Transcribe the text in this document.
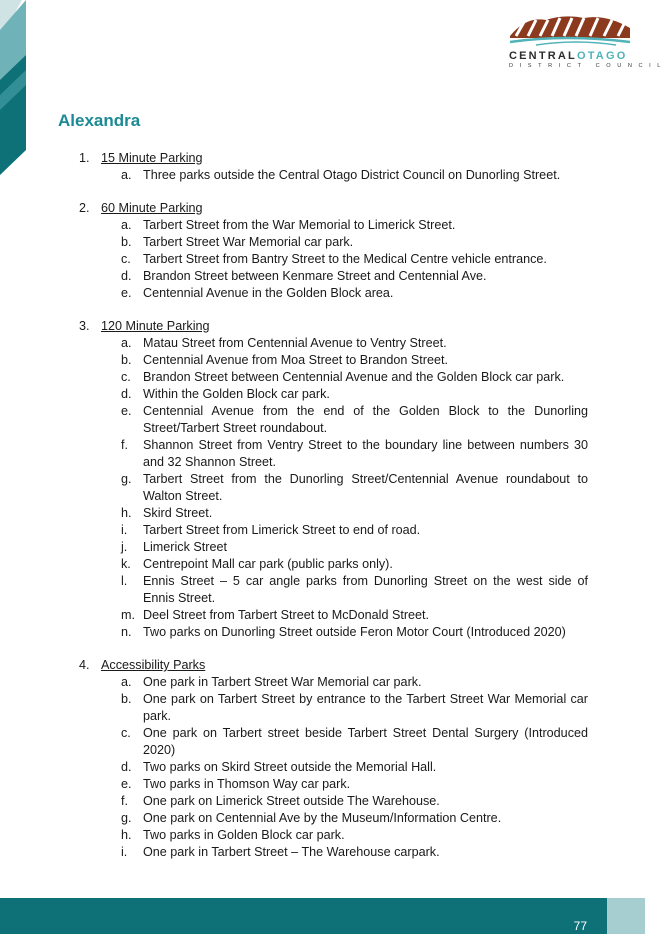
CENTRALOTAGO
DISTRICT COUNCIL
Alexandra
1. 15 Minute Parking
a. Three parks outside the Central Otago District Council on Dunorling Street.
2. 60 Minute Parking
a. Tarbert Street from the War Memorial to Limerick Street.
b. Tarbert Street War Memorial car park.
c. Tarbert Street from Bantry Street to the Medical Centre vehicle entrance.
d. Brandon Street between Kenmare Street and Centennial Ave.
e. Centennial Avenue in the Golden Block area.
3. 120 Minute Parking
a. Matau Street from Centennial Avenue to Ventry Street.
b. Centennial Avenue from Moa Street to Brandon Street.
c. Brandon Street between Centennial Avenue and the Golden Block car park.
d. Within the Golden Block car park.
e. Centennial Avenue from the end of the Golden Block to the Dunorling Street/Tarbert Street roundabout.
f. Shannon Street from Ventry Street to the boundary line between numbers 30 and 32 Shannon Street.
g. Tarbert Street from the Dunorling Street/Centennial Avenue roundabout to Walton Street.
h. Skird Street.
i. Tarbert Street from Limerick Street to end of road.
j. Limerick Street
k. Centrepoint Mall car park (public parks only).
l. Ennis Street – 5 car angle parks from Dunorling Street on the west side of Ennis Street.
m. Deel Street from Tarbert Street to McDonald Street.
n. Two parks on Dunorling Street outside Feron Motor Court (Introduced 2020)
4. Accessibility Parks
a. One park in Tarbert Street War Memorial car park.
b. One park on Tarbert Street by entrance to the Tarbert Street War Memorial car park.
c. One park on Tarbert street beside Tarbert Street Dental Surgery (Introduced 2020)
d. Two parks on Skird Street outside the Memorial Hall.
e. Two parks in Thomson Way car park.
f. One park on Limerick Street outside The Warehouse.
g. One park on Centennial Ave by the Museum/Information Centre.
h. Two parks in Golden Block car park.
i. One park in Tarbert Street – The Warehouse carpark.
77
